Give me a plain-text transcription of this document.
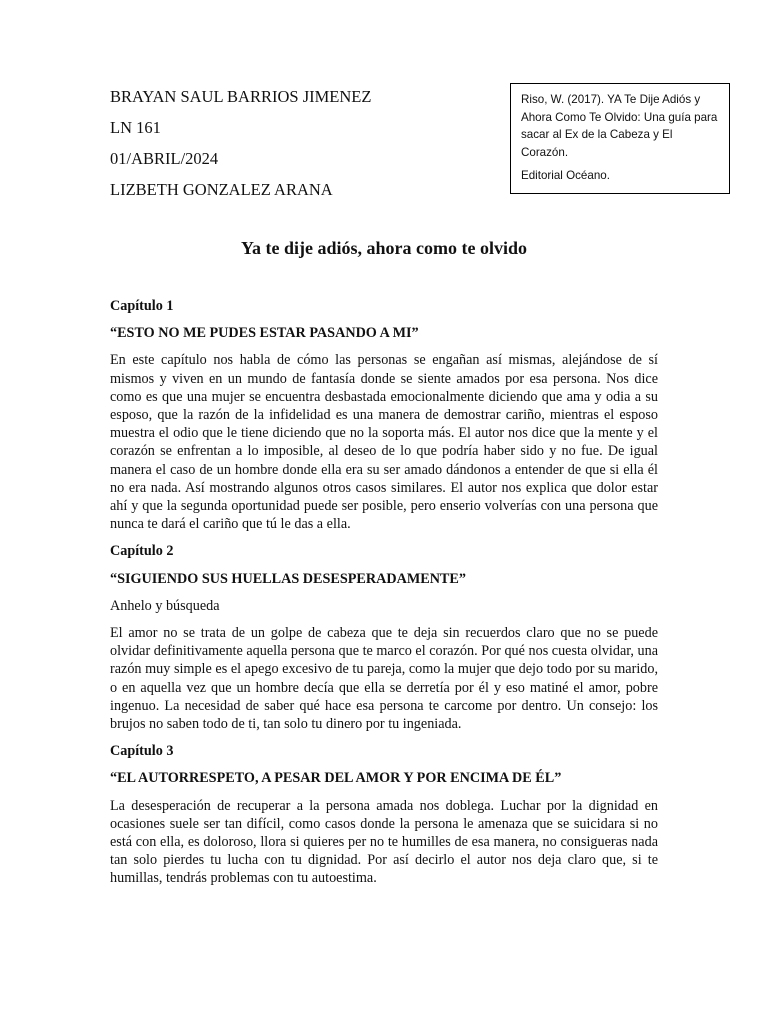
BRAYAN SAUL BARRIOS JIMENEZ
LN 161
01/ABRIL/2024
LIZBETH GONZALEZ ARANA

Riso, W. (2017). YA Te Dije Adiós y Ahora Como Te Olvido: Una guía para sacar al Ex de la Cabeza y El Corazón.

Editorial Océano.

Ya te dije adiós, ahora como te olvido

Capítulo 1

“ESTO NO ME PUDES ESTAR PASANDO A MI”

En este capítulo nos habla de cómo las personas se engañan así mismas, alejándose de sí mismos y viven en un mundo de fantasía donde se siente amados por esa persona. Nos dice como es que una mujer se encuentra desbastada emocionalmente diciendo que ama y odia a su esposo, que la razón de la infidelidad es una manera de demostrar cariño, mientras el esposo muestra el odio que le tiene diciendo que no la soporta más. El autor nos dice que la mente y el corazón se enfrentan a lo imposible, al deseo de lo que podría haber sido y no fue. De igual manera el caso de un hombre donde ella era su ser amado dándonos a entender de que si ella él no era nada. Así mostrando algunos otros casos similares. El autor nos explica que dolor estar ahí y que la segunda oportunidad puede ser posible, pero enserio volverías con una persona que nunca te dará el cariño que tú le das a ella.

Capítulo 2

“SIGUIENDO SUS HUELLAS DESESPERADAMENTE”

Anhelo y búsqueda

El amor no se trata de un golpe de cabeza que te deja sin recuerdos claro que no se puede olvidar definitivamente aquella persona que te marco el corazón. Por qué nos cuesta olvidar, una razón muy simple es el apego excesivo de tu pareja, como la mujer que dejo todo por su marido, o en aquella vez que un hombre decía que ella se derretía por él y eso matiné el amor, pobre ingenuo. La necesidad de saber qué hace esa persona te carcome por dentro. Un consejo: los brujos no saben todo de ti, tan solo tu dinero por tu ingeniada.

Capítulo 3

“EL AUTORRESPETO, A PESAR DEL AMOR Y POR ENCIMA DE ÉL”

La desesperación de recuperar a la persona amada nos doblega. Luchar por la dignidad en ocasiones suele ser tan difícil, como casos donde la persona le amenaza que se suicidara si no está con ella, es doloroso, llora si quieres per no te humilles de esa manera, no consigueras nada tan solo pierdes tu lucha con tu dignidad. Por así decirlo el autor nos deja claro que, si te humillas, tendrás problemas con tu autoestima.
